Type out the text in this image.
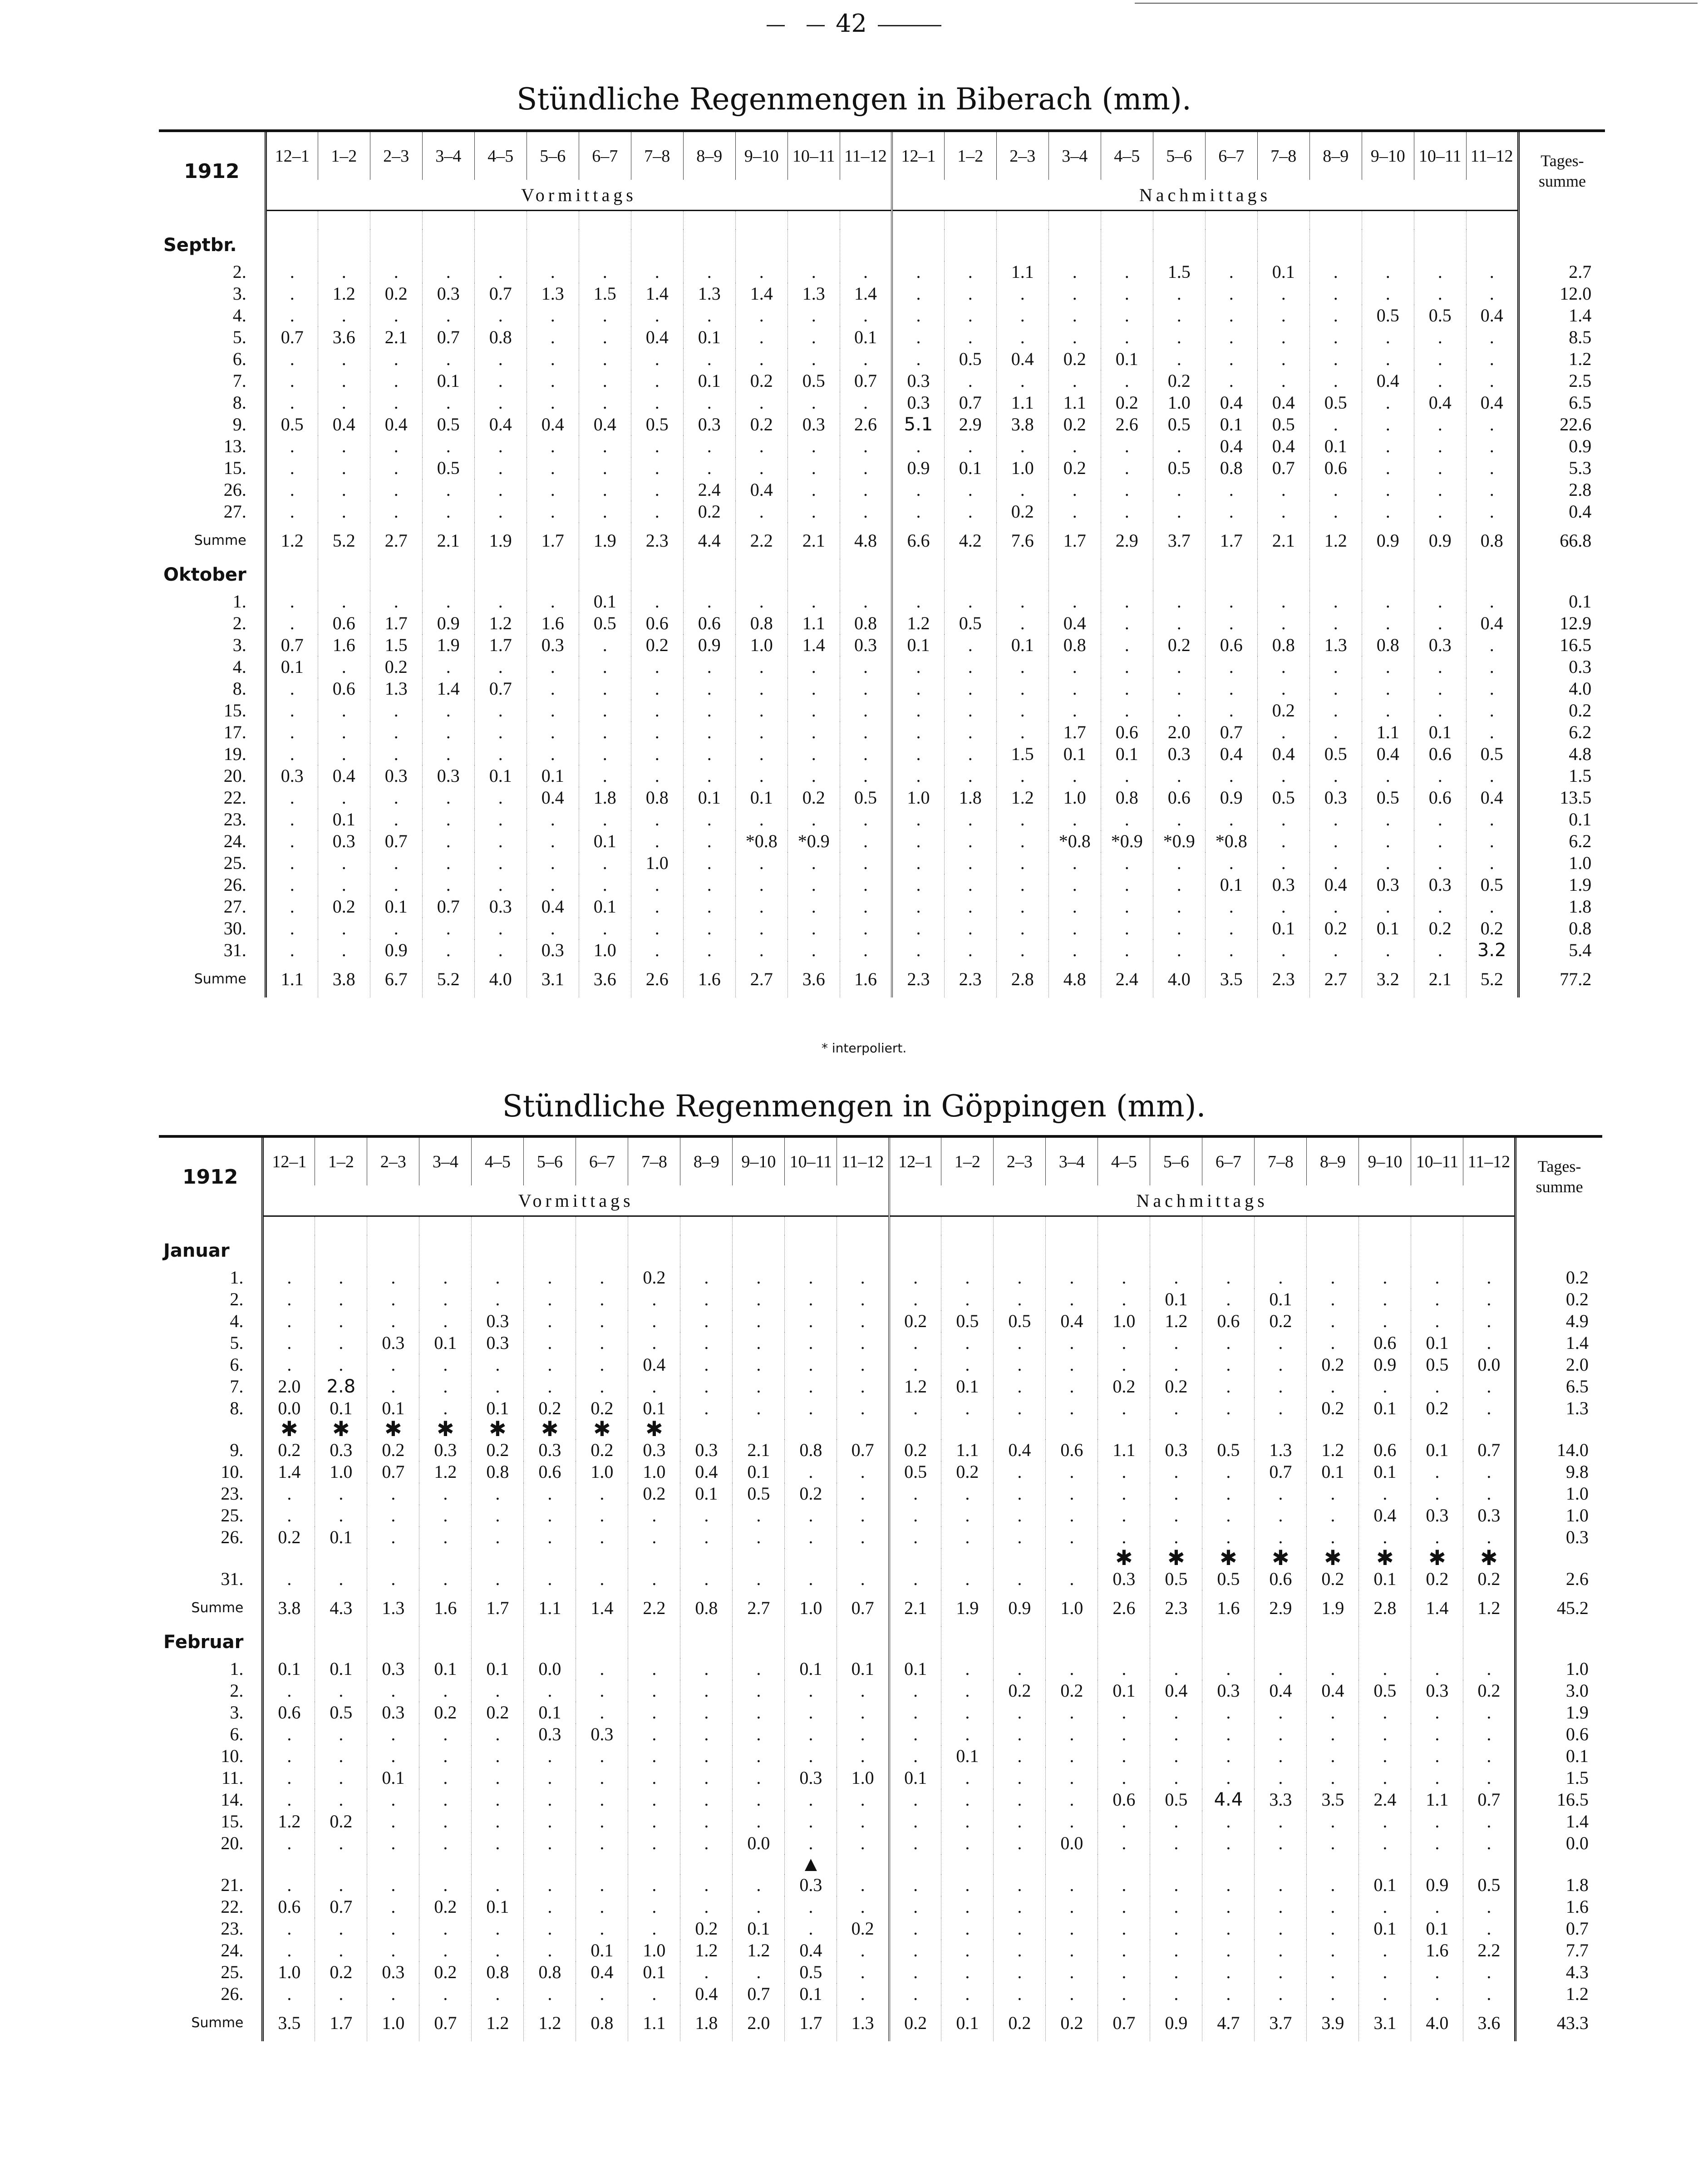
42
Stündliche Regenmengen in Biberach (mm).
1912	12–1	1–2	2–3	3–4	4–5	5–6	6–7	7–8	8–9	9–10	10–11	11–12	12–1	1–2	2–3	3–4	4–5	5–6	6–7	7–8	8–9	9–10	10–11	11–12	Tages-
summe
	Vormittags												Nachmittags												

Septbr.																									
2.	.	.	.	.	.	.	.	.	.	.	.	.	.	.	1.1	.	.	1.5	.	0.1	.	.	.	.	2.7
3.	.	1.2	0.2	0.3	0.7	1.3	1.5	1.4	1.3	1.4	1.3	1.4	.	.	.	.	.	.	.	.	.	.	.	.	12.0
4.	.	.	.	.	.	.	.	.	.	.	.	.	.	.	.	.	.	.	.	.	.	0.5	0.5	0.4	1.4
5.	0.7	3.6	2.1	0.7	0.8	.	.	0.4	0.1	.	.	0.1	.	.	.	.	.	.	.	.	.	.	.	.	8.5
6.	.	.	.	.	.	.	.	.	.	.	.	.	.	0.5	0.4	0.2	0.1	.	.	.	.	.	.	.	1.2
7.	.	.	.	0.1	.	.	.	.	0.1	0.2	0.5	0.7	0.3	.	.	.	.	0.2	.	.	.	0.4	.	.	2.5
8.	.	.	.	.	.	.	.	.	.	.	.	.	0.3	0.7	1.1	1.1	0.2	1.0	0.4	0.4	0.5	.	0.4	0.4	6.5
9.	0.5	0.4	0.4	0.5	0.4	0.4	0.4	0.5	0.3	0.2	0.3	2.6	5.1	2.9	3.8	0.2	2.6	0.5	0.1	0.5	.	.	.	.	22.6
13.	.	.	.	.	.	.	.	.	.	.	.	.	.	.	.	.	.	.	0.4	0.4	0.1	.	.	.	0.9
15.	.	.	.	0.5	.	.	.	.	.	.	.	.	0.9	0.1	1.0	0.2	.	0.5	0.8	0.7	0.6	.	.	.	5.3
26.	.	.	.	.	.	.	.	.	2.4	0.4	.	.	.	.	.	.	.	.	.	.	.	.	.	.	2.8
27.	.	.	.	.	.	.	.	.	0.2	.	.	.	.	.	0.2	.	.	.	.	.	.	.	.	.	0.4
Summe	1.2	5.2	2.7	2.1	1.9	1.7	1.9	2.3	4.4	2.2	2.1	4.8	6.6	4.2	7.6	1.7	2.9	3.7	1.7	2.1	1.2	0.9	0.9	0.8	66.8
Oktober																									
1.	.	.	.	.	.	.	0.1	.	.	.	.	.	.	.	.	.	.	.	.	.	.	.	.	.	0.1
2.	.	0.6	1.7	0.9	1.2	1.6	0.5	0.6	0.6	0.8	1.1	0.8	1.2	0.5	.	0.4	.	.	.	.	.	.	.	0.4	12.9
3.	0.7	1.6	1.5	1.9	1.7	0.3	.	0.2	0.9	1.0	1.4	0.3	0.1	.	0.1	0.8	.	0.2	0.6	0.8	1.3	0.8	0.3	.	16.5
4.	0.1	.	0.2	.	.	.	.	.	.	.	.	.	.	.	.	.	.	.	.	.	.	.	.	.	0.3
8.	.	0.6	1.3	1.4	0.7	.	.	.	.	.	.	.	.	.	.	.	.	.	.	.	.	.	.	.	4.0
15.	.	.	.	.	.	.	.	.	.	.	.	.	.	.	.	.	.	.	.	0.2	.	.	.	.	0.2
17.	.	.	.	.	.	.	.	.	.	.	.	.	.	.	.	1.7	0.6	2.0	0.7	.	.	1.1	0.1	.	6.2
19.	.	.	.	.	.	.	.	.	.	.	.	.	.	.	1.5	0.1	0.1	0.3	0.4	0.4	0.5	0.4	0.6	0.5	4.8
20.	0.3	0.4	0.3	0.3	0.1	0.1	.	.	.	.	.	.	.	.	.	.	.	.	.	.	.	.	.	.	1.5
22.	.	.	.	.	.	0.4	1.8	0.8	0.1	0.1	0.2	0.5	1.0	1.8	1.2	1.0	0.8	0.6	0.9	0.5	0.3	0.5	0.6	0.4	13.5
23.	.	0.1	.	.	.	.	.	.	.	.	.	.	.	.	.	.	.	.	.	.	.	.	.	.	0.1
24.	.	0.3	0.7	.	.	.	0.1	.	.	*0.8	*0.9	.	.	.	.	*0.8	*0.9	*0.9	*0.8	.	.	.	.	.	6.2
25.	.	.	.	.	.	.	.	1.0	.	.	.	.	.	.	.	.	.	.	.	.	.	.	.	.	1.0
26.	.	.	.	.	.	.	.	.	.	.	.	.	.	.	.	.	.	.	0.1	0.3	0.4	0.3	0.3	0.5	1.9
27.	.	0.2	0.1	0.7	0.3	0.4	0.1	.	.	.	.	.	.	.	.	.	.	.	.	.	.	.	.	.	1.8
30.	.	.	.	.	.	.	.	.	.	.	.	.	.	.	.	.	.	.	.	0.1	0.2	0.1	0.2	0.2	0.8
31.	.	.	0.9	.	.	0.3	1.0	.	.	.	.	.	.	.	.	.	.	.	.	.	.	.	.	3.2	5.4
Summe	1.1	3.8	6.7	5.2	4.0	3.1	3.6	2.6	1.6	2.7	3.6	1.6	2.3	2.3	2.8	4.8	2.4	4.0	3.5	2.3	2.7	3.2	2.1	5.2	77.2
* interpoliert.
Stündliche Regenmengen in Göppingen (mm).
1912	12–1	1–2	2–3	3–4	4–5	5–6	6–7	7–8	8–9	9–10	10–11	11–12	12–1	1–2	2–3	3–4	4–5	5–6	6–7	7–8	8–9	9–10	10–11	11–12	Tages-
summe
	Vormittags												Nachmittags												

Januar																									
1.	.	.	.	.	.	.	.	0.2	.	.	.	.	.	.	.	.	.	.	.	.	.	.	.	.	0.2
2.	.	.	.	.	.	.	.	.	.	.	.	.	.	.	.	.	.	0.1	.	0.1	.	.	.	.	0.2
4.	.	.	.	.	0.3	.	.	.	.	.	.	.	0.2	0.5	0.5	0.4	1.0	1.2	0.6	0.2	.	.	.	.	4.9
5.	.	.	0.3	0.1	0.3	.	.	.	.	.	.	.	.	.	.	.	.	.	.	.	.	0.6	0.1	.	1.4
6.	.	.	.	.	.	.	.	0.4	.	.	.	.	.	.	.	.	.	.	.	.	0.2	0.9	0.5	0.0	2.0
7.	2.0	2.8	.	.	.	.	.	.	.	.	.	.	1.2	0.1	.	.	0.2	0.2	.	.	.	.	.	.	6.5
8.	0.0	0.1	0.1	.	0.1	0.2	0.2	0.1	.	.	.	.	.	.	.	.	.	.	.	.	0.2	0.1	0.2	.	1.3
	✱	✱	✱	✱	✱	✱	✱	✱																	
9.	0.2	0.3	0.2	0.3	0.2	0.3	0.2	0.3	0.3	2.1	0.8	0.7	0.2	1.1	0.4	0.6	1.1	0.3	0.5	1.3	1.2	0.6	0.1	0.7	14.0
10.	1.4	1.0	0.7	1.2	0.8	0.6	1.0	1.0	0.4	0.1	.	.	0.5	0.2	.	.	.	.	.	0.7	0.1	0.1	.	.	9.8
23.	.	.	.	.	.	.	.	0.2	0.1	0.5	0.2	.	.	.	.	.	.	.	.	.	.	.	.	.	1.0
25.	.	.	.	.	.	.	.	.	.	.	.	.	.	.	.	.	.	.	.	.	.	0.4	0.3	0.3	1.0
26.	0.2	0.1	.	.	.	.	.	.	.	.	.	.	.	.	.	.	.	.	.	.	.	.	.	.	0.3
																	✱	✱	✱	✱	✱	✱	✱	✱	
31.	.	.	.	.	.	.	.	.	.	.	.	.	.	.	.	.	0.3	0.5	0.5	0.6	0.2	0.1	0.2	0.2	2.6
Summe	3.8	4.3	1.3	1.6	1.7	1.1	1.4	2.2	0.8	2.7	1.0	0.7	2.1	1.9	0.9	1.0	2.6	2.3	1.6	2.9	1.9	2.8	1.4	1.2	45.2
Februar																									
1.	0.1	0.1	0.3	0.1	0.1	0.0	.	.	.	.	0.1	0.1	0.1	.	.	.	.	.	.	.	.	.	.	.	1.0
2.	.	.	.	.	.	.	.	.	.	.	.	.	.	.	0.2	0.2	0.1	0.4	0.3	0.4	0.4	0.5	0.3	0.2	3.0
3.	0.6	0.5	0.3	0.2	0.2	0.1	.	.	.	.	.	.	.	.	.	.	.	.	.	.	.	.	.	.	1.9
6.	.	.	.	.	.	0.3	0.3	.	.	.	.	.	.	.	.	.	.	.	.	.	.	.	.	.	0.6
10.	.	.	.	.	.	.	.	.	.	.	.	.	.	0.1	.	.	.	.	.	.	.	.	.	.	0.1
11.	.	.	0.1	.	.	.	.	.	.	.	0.3	1.0	0.1	.	.	.	.	.	.	.	.	.	.	.	1.5
14.	.	.	.	.	.	.	.	.	.	.	.	.	.	.	.	.	0.6	0.5	4.4	3.3	3.5	2.4	1.1	0.7	16.5
15.	1.2	0.2	.	.	.	.	.	.	.	.	.	.	.	.	.	.	.	.	.	.	.	.	.	.	1.4
20.	.	.	.	.	.	.	.	.	.	0.0	.	.	.	.	.	0.0	.	.	.	.	.	.	.	.	0.0
											▲														
21.	.	.	.	.	.	.	.	.	.	.	0.3	.	.	.	.	.	.	.	.	.	.	0.1	0.9	0.5	1.8
22.	0.6	0.7	.	0.2	0.1	.	.	.	.	.	.	.	.	.	.	.	.	.	.	.	.	.	.	.	1.6
23.	.	.	.	.	.	.	.	.	0.2	0.1	.	0.2	.	.	.	.	.	.	.	.	.	0.1	0.1	.	0.7
24.	.	.	.	.	.	.	0.1	1.0	1.2	1.2	0.4	.	.	.	.	.	.	.	.	.	.	.	1.6	2.2	7.7
25.	1.0	0.2	0.3	0.2	0.8	0.8	0.4	0.1	.	.	0.5	.	.	.	.	.	.	.	.	.	.	.	.	.	4.3
26.	.	.	.	.	.	.	.	.	0.4	0.7	0.1	.	.	.	.	.	.	.	.	.	.	.	.	.	1.2
Summe	3.5	1.7	1.0	0.7	1.2	1.2	0.8	1.1	1.8	2.0	1.7	1.3	0.2	0.1	0.2	0.2	0.7	0.9	4.7	3.7	3.9	3.1	4.0	3.6	43.3
